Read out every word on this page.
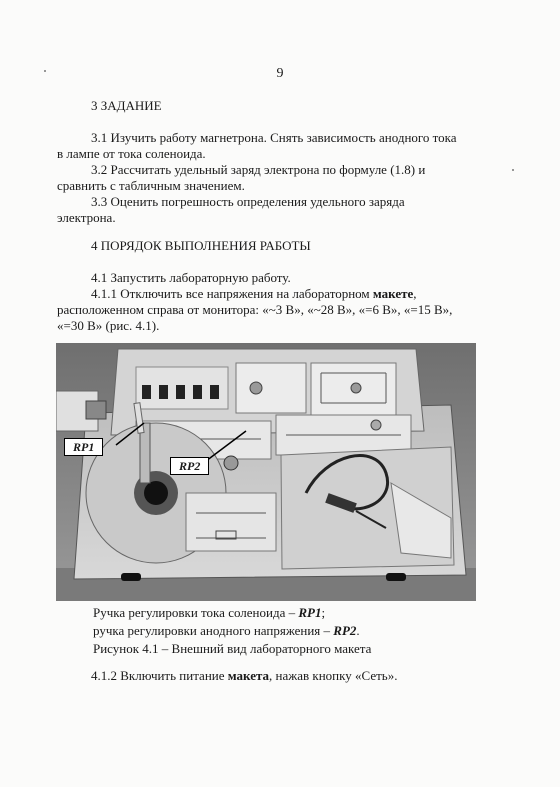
9
3 ЗАДАНИЕ
3.1 Изучить работу магнетрона. Снять зависимость анодного тока
в лампе от тока соленоида.
3.2 Рассчитать удельный заряд электрона по формуле (1.8) и
сравнить с табличным значением.
3.3 Оценить погрешность определения удельного заряда
электрона.
4 ПОРЯДОК ВЫПОЛНЕНИЯ РАБОТЫ
4.1 Запустить лабораторную работу.
4.1.1 Отключить все напряжения на лабораторном макете,
расположенном справа от монитора: «~3 В», «~28 В», «=6 В», «=15 В»,
«=30 В» (рис. 4.1).
RP1
RP2
Ручка регулировки тока соленоида – RP1;
ручка регулировки анодного напряжения – RP2.
Рисунок 4.1 – Внешний вид лабораторного макета
4.1.2 Включить питание макета, нажав кнопку «Сеть».
